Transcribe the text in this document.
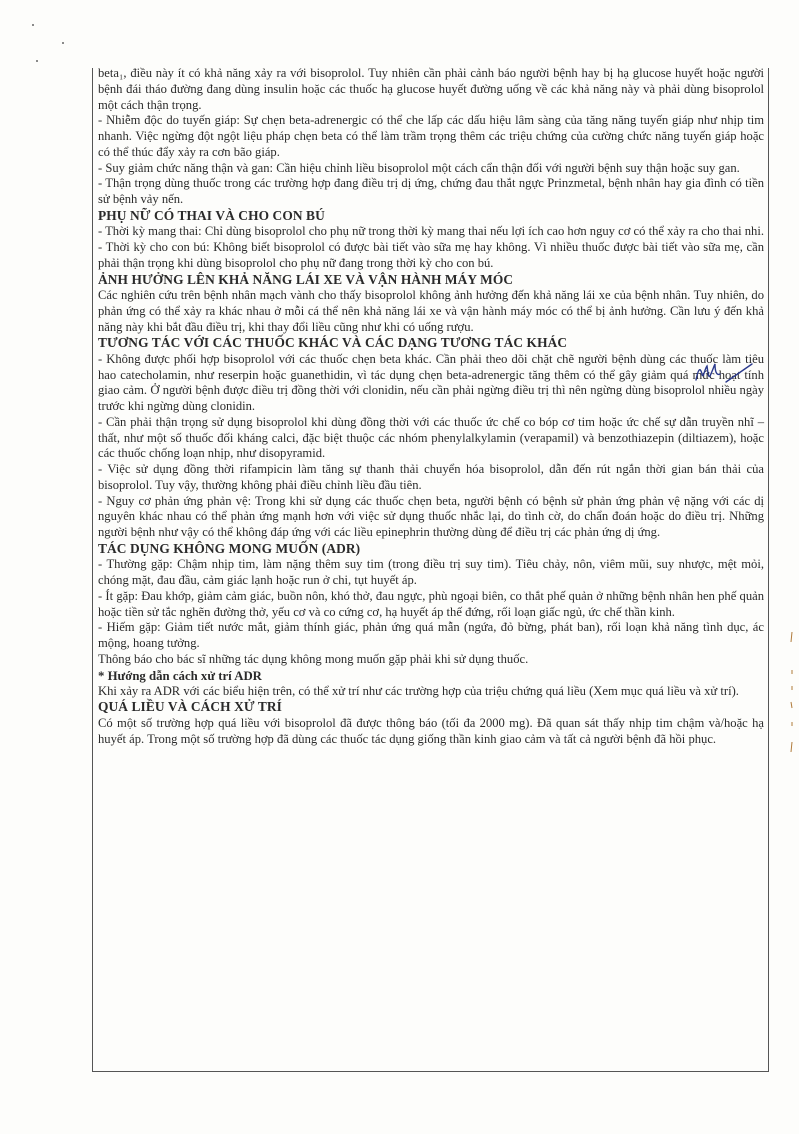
beta₁, điều này ít có khả năng xảy ra với bisoprolol. Tuy nhiên cần phải cảnh báo người bệnh hay bị hạ glucose huyết hoặc người bệnh đái tháo đường đang dùng insulin hoặc các thuốc hạ glucose huyết đường uống về các khả năng này và phải dùng bisoprolol một cách thận trọng.

- Nhiễm độc do tuyến giáp: Sự chẹn beta-adrenergic có thể che lấp các dấu hiệu lâm sàng của tăng năng tuyến giáp như nhịp tim nhanh. Việc ngừng đột ngột liệu pháp chẹn beta có thể làm trầm trọng thêm các triệu chứng của cường chức năng tuyến giáp hoặc có thể thúc đẩy xảy ra cơn bão giáp.

- Suy giảm chức năng thận và gan: Cần hiệu chỉnh liều bisoprolol một cách cẩn thận đối với người bệnh suy thận hoặc suy gan.

- Thận trọng dùng thuốc trong các trường hợp đang điều trị dị ứng, chứng đau thắt ngực Prinzmetal, bệnh nhân hay gia đình có tiền sử bệnh vảy nến.

PHỤ NỮ CÓ THAI VÀ CHO CON BÚ

- Thời kỳ mang thai: Chỉ dùng bisoprolol cho phụ nữ trong thời kỳ mang thai nếu lợi ích cao hơn nguy cơ có thể xảy ra cho thai nhi.

- Thời kỳ cho con bú: Không biết bisoprolol có được bài tiết vào sữa mẹ hay không. Vì nhiều thuốc được bài tiết vào sữa mẹ, cần phải thận trọng khi dùng bisoprolol cho phụ nữ đang trong thời kỳ cho con bú.

ẢNH HƯỞNG LÊN KHẢ NĂNG LÁI XE VÀ VẬN HÀNH MÁY MÓC

Các nghiên cứu trên bệnh nhân mạch vành cho thấy bisoprolol không ảnh hưởng đến khả năng lái xe của bệnh nhân. Tuy nhiên, do phản ứng có thể xảy ra khác nhau ở mỗi cá thể nên khả năng lái xe và vận hành máy móc có thể bị ảnh hưởng. Cần lưu ý đến khả năng này khi bắt đầu điều trị, khi thay đổi liều cũng như khi có uống rượu.

TƯƠNG TÁC VỚI CÁC THUỐC KHÁC VÀ CÁC DẠNG TƯƠNG TÁC KHÁC

- Không được phối hợp bisoprolol với các thuốc chẹn beta khác. Cần phải theo dõi chặt chẽ người bệnh dùng các thuốc làm tiêu hao catecholamin, như reserpin hoặc guanethidin, vì tác dụng chẹn beta-adrenergic tăng thêm có thể gây giảm quá mức hoạt tính giao cảm. Ở người bệnh được điều trị đồng thời với clonidin, nếu cần phải ngừng điều trị thì nên ngừng dùng bisoprolol nhiều ngày trước khi ngừng dùng clonidin.

- Cần phải thận trọng sử dụng bisoprolol khi dùng đồng thời với các thuốc ức chế co bóp cơ tim hoặc ức chế sự dẫn truyền nhĩ – thất, như một số thuốc đối kháng calci, đặc biệt thuộc các nhóm phenylalkylamin (verapamil) và benzothiazepin (diltiazem), hoặc các thuốc chống loạn nhịp, như disopyramid.

- Việc sử dụng đồng thời rifampicin làm tăng sự thanh thải chuyển hóa bisoprolol, dẫn đến rút ngắn thời gian bán thải của bisoprolol. Tuy vậy, thường không phải điều chỉnh liều đầu tiên.

- Nguy cơ phản ứng phản vệ: Trong khi sử dụng các thuốc chẹn beta, người bệnh có bệnh sử phản ứng phản vệ nặng với các dị nguyên khác nhau có thể phản ứng mạnh hơn với việc sử dụng thuốc nhắc lại, do tình cờ, do chẩn đoán hoặc do điều trị. Những người bệnh như vậy có thể không đáp ứng với các liều epinephrin thường dùng để điều trị các phản ứng dị ứng.

TÁC DỤNG KHÔNG MONG MUỐN (ADR)

- Thường gặp: Chậm nhịp tim, làm nặng thêm suy tim (trong điều trị suy tim). Tiêu chảy, nôn, viêm mũi, suy nhược, mệt mỏi, chóng mặt, đau đầu, cảm giác lạnh hoặc run ở chi, tụt huyết áp.

- Ít gặp: Đau khớp, giảm cảm giác, buồn nôn, khó thở, đau ngực, phù ngoại biên, co thắt phế quản ở những bệnh nhân hen phế quản hoặc tiền sử tắc nghẽn đường thở, yếu cơ và co cứng cơ, hạ huyết áp thế đứng, rối loạn giấc ngủ, ức chế thần kinh.

- Hiếm gặp: Giảm tiết nước mắt, giảm thính giác, phản ứng quá mẫn (ngứa, đỏ bừng, phát ban), rối loạn khả năng tình dục, ác mộng, hoang tưởng.

Thông báo cho bác sĩ những tác dụng không mong muốn gặp phải khi sử dụng thuốc.

* Hướng dẫn cách xử trí ADR

Khi xảy ra ADR với các biểu hiện trên, có thể xử trí như các trường hợp của triệu chứng quá liều (Xem mục quá liều và xử trí).

QUÁ LIỀU VÀ CÁCH XỬ TRÍ

Có một số trường hợp quá liều với bisoprolol đã được thông báo (tối đa 2000 mg). Đã quan sát thấy nhịp tim chậm và/hoặc hạ huyết áp. Trong một số trường hợp đã dùng các thuốc tác dụng giống thần kinh giao cảm và tất cả người bệnh đã hồi phục.
